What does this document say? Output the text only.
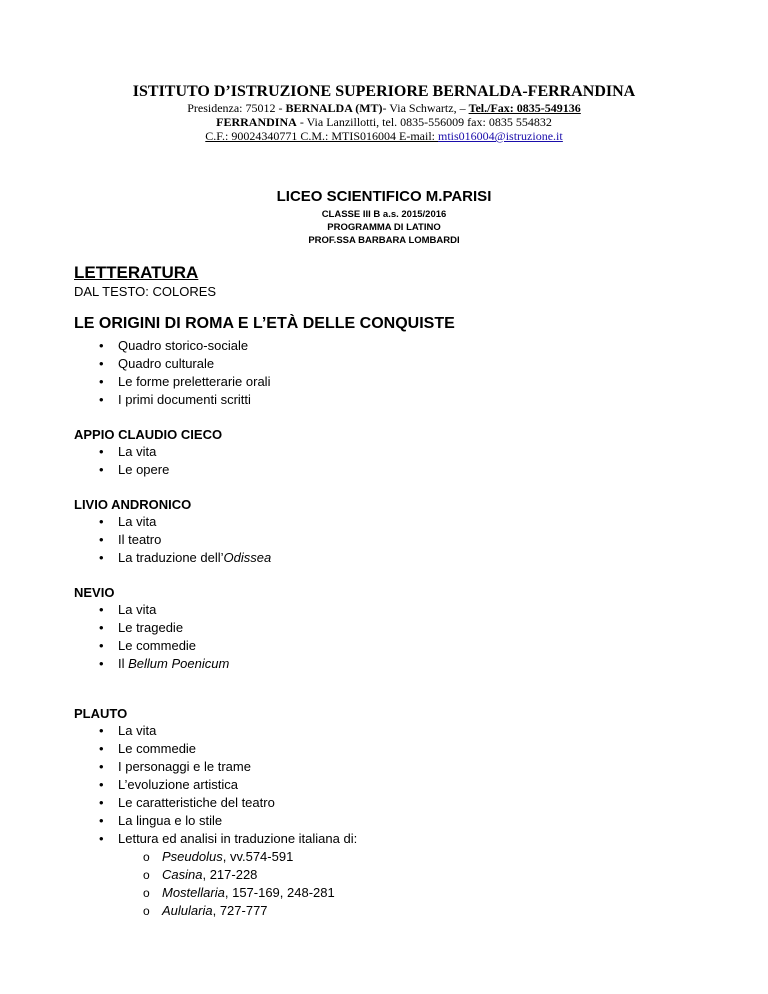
ISTITUTO D’ISTRUZIONE SUPERIORE BERNALDA-FERRANDINA

Presidenza: 75012 - BERNALDA (MT)- Via Schwartz, – Tel./Fax: 0835-549136

FERRANDINA - Via Lanzillotti, tel. 0835-556009 fax: 0835 554832

C.F.: 90024340771 C.M.: MTIS016004 E-mail: mtis016004@istruzione.it

LICEO SCIENTIFICO M.PARISI

CLASSE III B a.s. 2015/2016

PROGRAMMA DI LATINO

PROF.SSA BARBARA LOMBARDI

LETTERATURA

DAL TESTO: COLORES

LE ORIGINI DI ROMA E L’ETÀ DELLE CONQUISTE

• Quadro storico-sociale
• Quadro culturale
• Le forme preletterarie orali
• I primi documenti scritti

APPIO CLAUDIO CIECO

• La vita
• Le opere

LIVIO ANDRONICO

• La vita
• Il teatro
• La traduzione dell’Odissea

NEVIO

• La vita
• Le tragedie
• Le commedie
• Il Bellum Poenicum

PLAUTO

• La vita
• Le commedie
• I personaggi e le trame
• L’evoluzione artistica
• Le caratteristiche del teatro
• La lingua e lo stile
• Lettura ed analisi in traduzione italiana di:
o Pseudolus, vv.574-591
o Casina, 217-228
o Mostellaria, 157-169, 248-281
o Aulularia, 727-777
